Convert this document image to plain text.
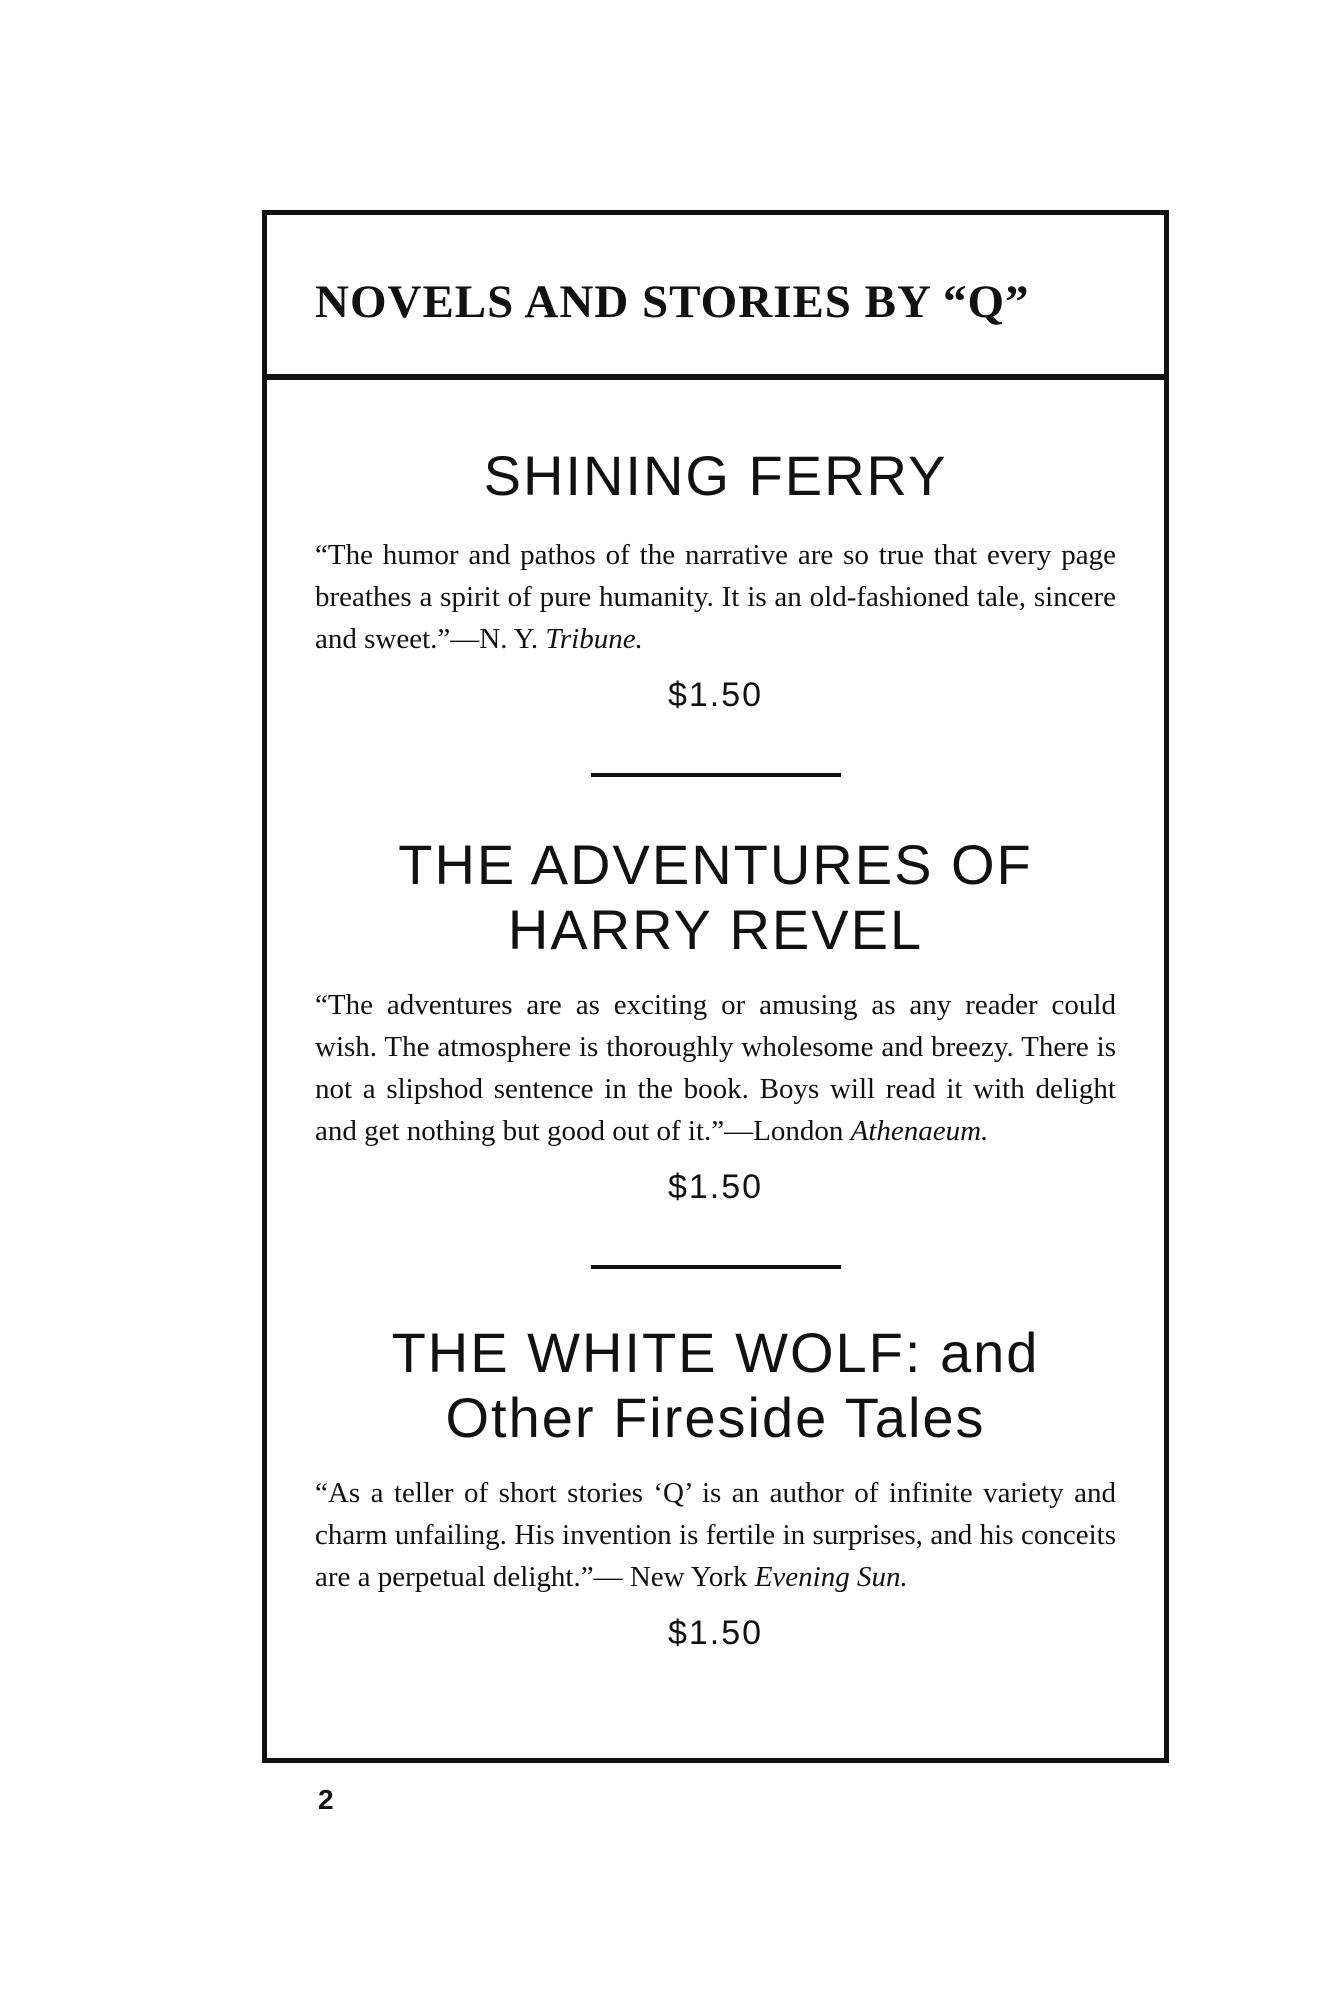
NOVELS AND STORIES BY “Q”
SHINING FERRY

“The humor and pathos of the narrative are so true that every page breathes a spirit of pure humanity. It is an old-fashioned tale, sincere and sweet.”—N. Y. Tribune.

$1.50
THE ADVENTURES OF
HARRY REVEL

“The adventures are as exciting or amusing as any reader could wish. The atmosphere is thoroughly wholesome and breezy. There is not a slipshod sentence in the book. Boys will read it with delight and get nothing but good out of it.”—London Athenaeum.

$1.50
THE WHITE WOLF: and
Other Fireside Tales

“As a teller of short stories ‘Q’ is an author of infinite variety and charm unfailing. His invention is fertile in surprises, and his conceits are a perpetual delight.”— New York Evening Sun.

$1.50
2
